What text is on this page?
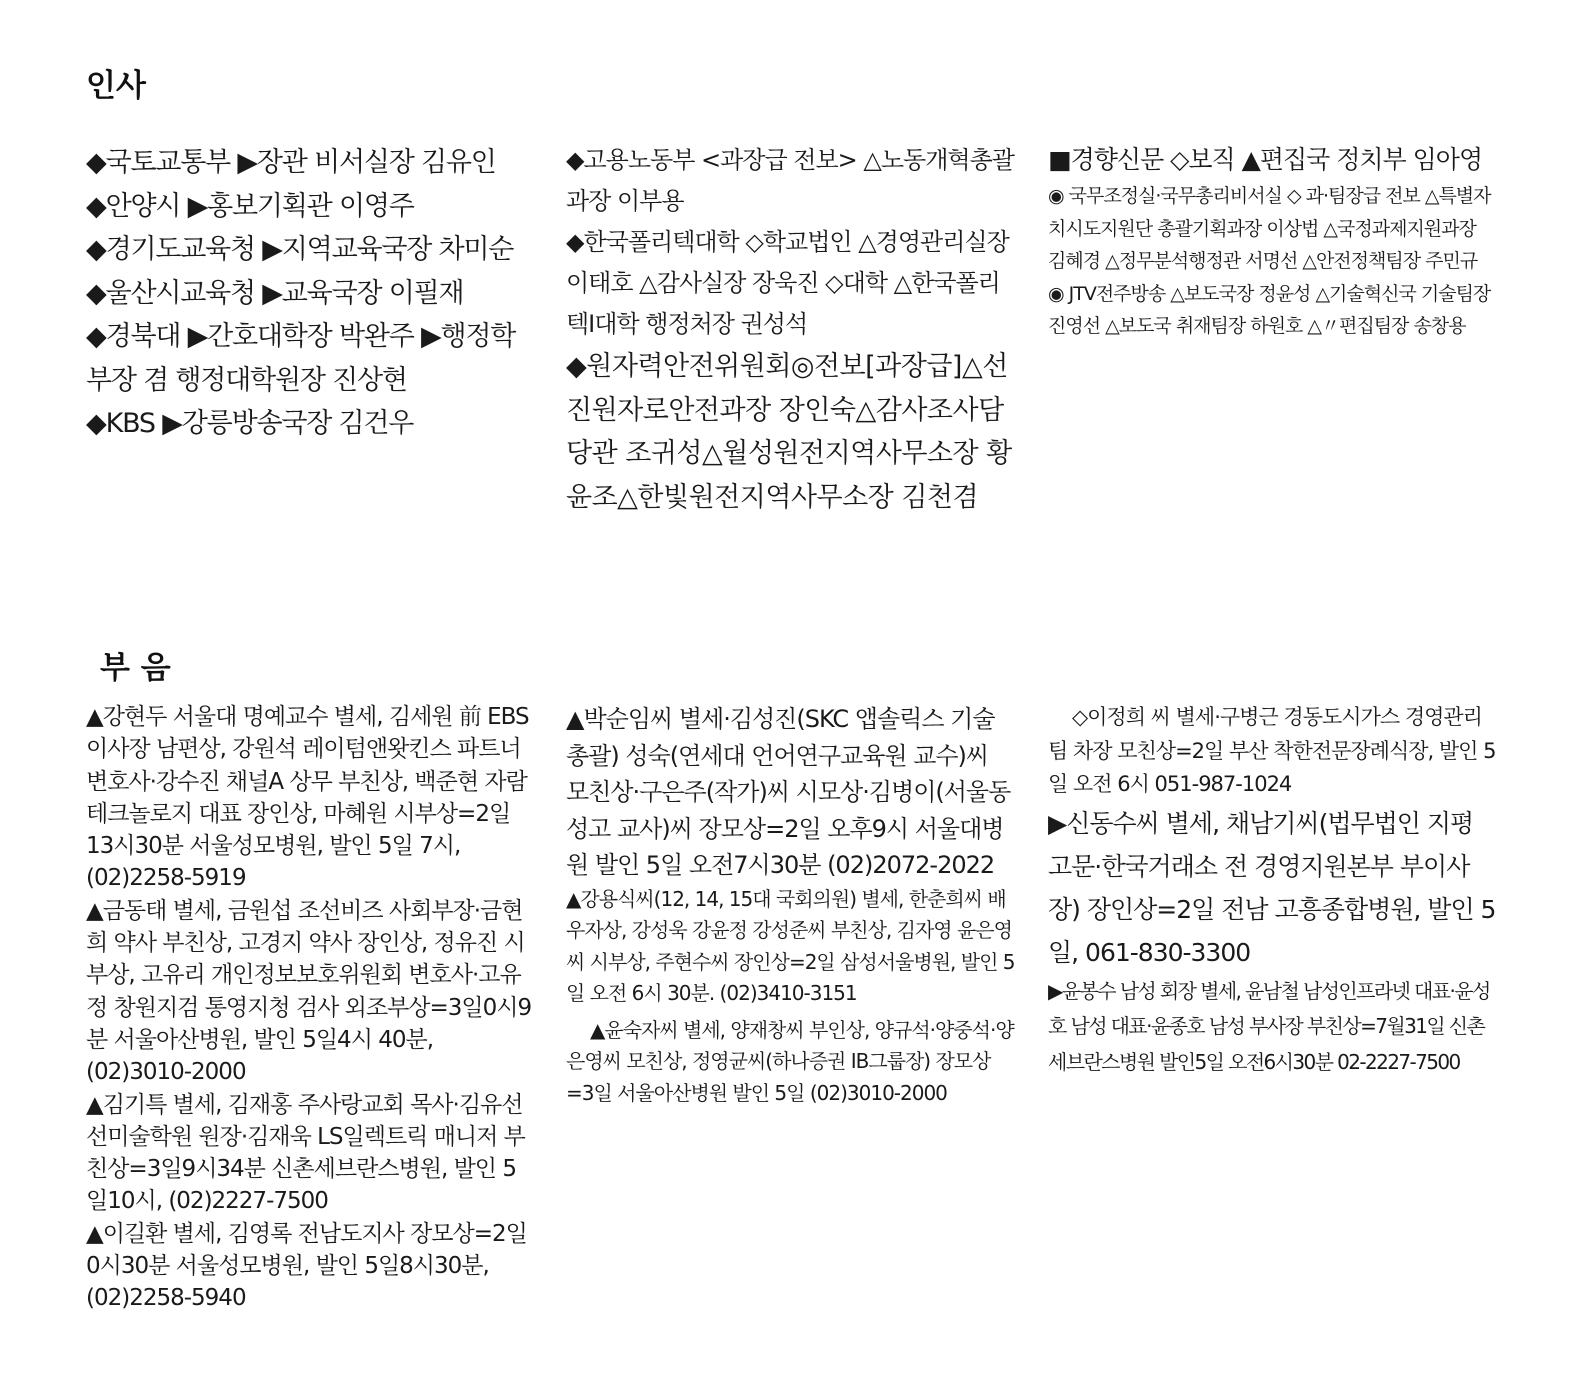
인사

◆국토교통부 ▶장관 비서실장 김유인

◆안양시 ▶홍보기획관 이영주

◆경기도교육청 ▶지역교육국장 차미순

◆울산시교육청 ▶교육국장 이필재

◆경북대 ▶간호대학장 박완주 ▶행정학부장 겸 행정대학원장 진상현

◆KBS ▶강릉방송국장 김건우

◆고용노동부 <과장급 전보> △노동개혁총괄과장 이부용

◆한국폴리텍대학 ◇학교법인 △경영관리실장 이태호 △감사실장 장욱진 ◇대학 △한국폴리텍I대학 행정처장 권성석

◆원자력안전위원회◎전보[과장급]△선진원자로안전과장 장인숙△감사조사담당관 조귀성△월성원전지역사무소장 황윤조△한빛원전지역사무소장 김천겸

■경향신문 ◇보직 ▲편집국 정치부 임아영

◉ 국무조정실·국무총리비서실 ◇ 과·팀장급 전보 △특별자치시도지원단 총괄기획과장 이상법 △국정과제지원과장 김혜경 △정무분석행정관 서명선 △안전정책팀장 주민규

◉ JTV전주방송 △보도국장 정윤성 △기술혁신국 기술팀장 진영선 △보도국 취재팀장 하원호 △〃편집팀장 송창용

부 음

▲강현두 서울대 명예교수 별세, 김세원 前 EBS 이사장 남편상, 강원석 레이텀앤왓킨스 파트너변호사·강수진 채널A 상무 부친상, 백준현 자람테크놀로지 대표 장인상, 마혜원 시부상=2일13시30분 서울성모병원, 발인 5일 7시, (02)2258-5919

▲금동태 별세, 금원섭 조선비즈 사회부장·금현희 약사 부친상, 고경지 약사 장인상, 정유진 시부상, 고유리 개인정보보호위원회 변호사·고유정 창원지검 통영지청 검사 외조부상=3일0시9분 서울아산병원, 발인 5일4시 40분, (02)3010-2000

▲김기특 별세, 김재홍 주사랑교회 목사·김유선 선미술학원 원장·김재욱 LS일렉트릭 매니저 부친상=3일9시34분 신촌세브란스병원, 발인 5일10시, (02)2227-7500

▲이길환 별세, 김영록 전남도지사 장모상=2일0시30분 서울성모병원, 발인 5일8시30분, (02)2258-5940

▲박순임씨 별세·김성진(SKC 앱솔릭스 기술총괄) 성숙(연세대 언어연구교육원 교수)씨 모친상·구은주(작가)씨 시모상·김병이(서울동성고 교사)씨 장모상=2일 오후9시 서울대병원 발인 5일 오전7시30분 (02)2072-2022

▲강용식씨(12, 14, 15대 국회의원) 별세, 한춘희씨 배우자상, 강성욱 강윤정 강성준씨 부친상, 김자영 윤은영씨 시부상, 주현수씨 장인상=2일 삼성서울병원, 발인 5일 오전 6시 30분. (02)3410-3151

▲윤숙자씨 별세, 양재창씨 부인상, 양규석·양중석·양은영씨 모친상, 정영균씨(하나증권 IB그룹장) 장모상=3일 서울아산병원 발인 5일 (02)3010-2000

◇이정희 씨 별세·구병근 경동도시가스 경영관리팀 차장 모친상=2일 부산 착한전문장례식장, 발인 5일 오전 6시 051-987-1024

▶신동수씨 별세, 채남기씨(법무법인 지평 고문·한국거래소 전 경영지원본부 부이사장) 장인상=2일 전남 고흥종합병원, 발인 5일, 061-830-3300

▶윤봉수 남성 회장 별세, 윤남철 남성인프라넷 대표·윤성호 남성 대표·윤종호 남성 부사장 부친상=7월31일 신촌세브란스병원 발인5일 오전6시30분 02-2227-7500
